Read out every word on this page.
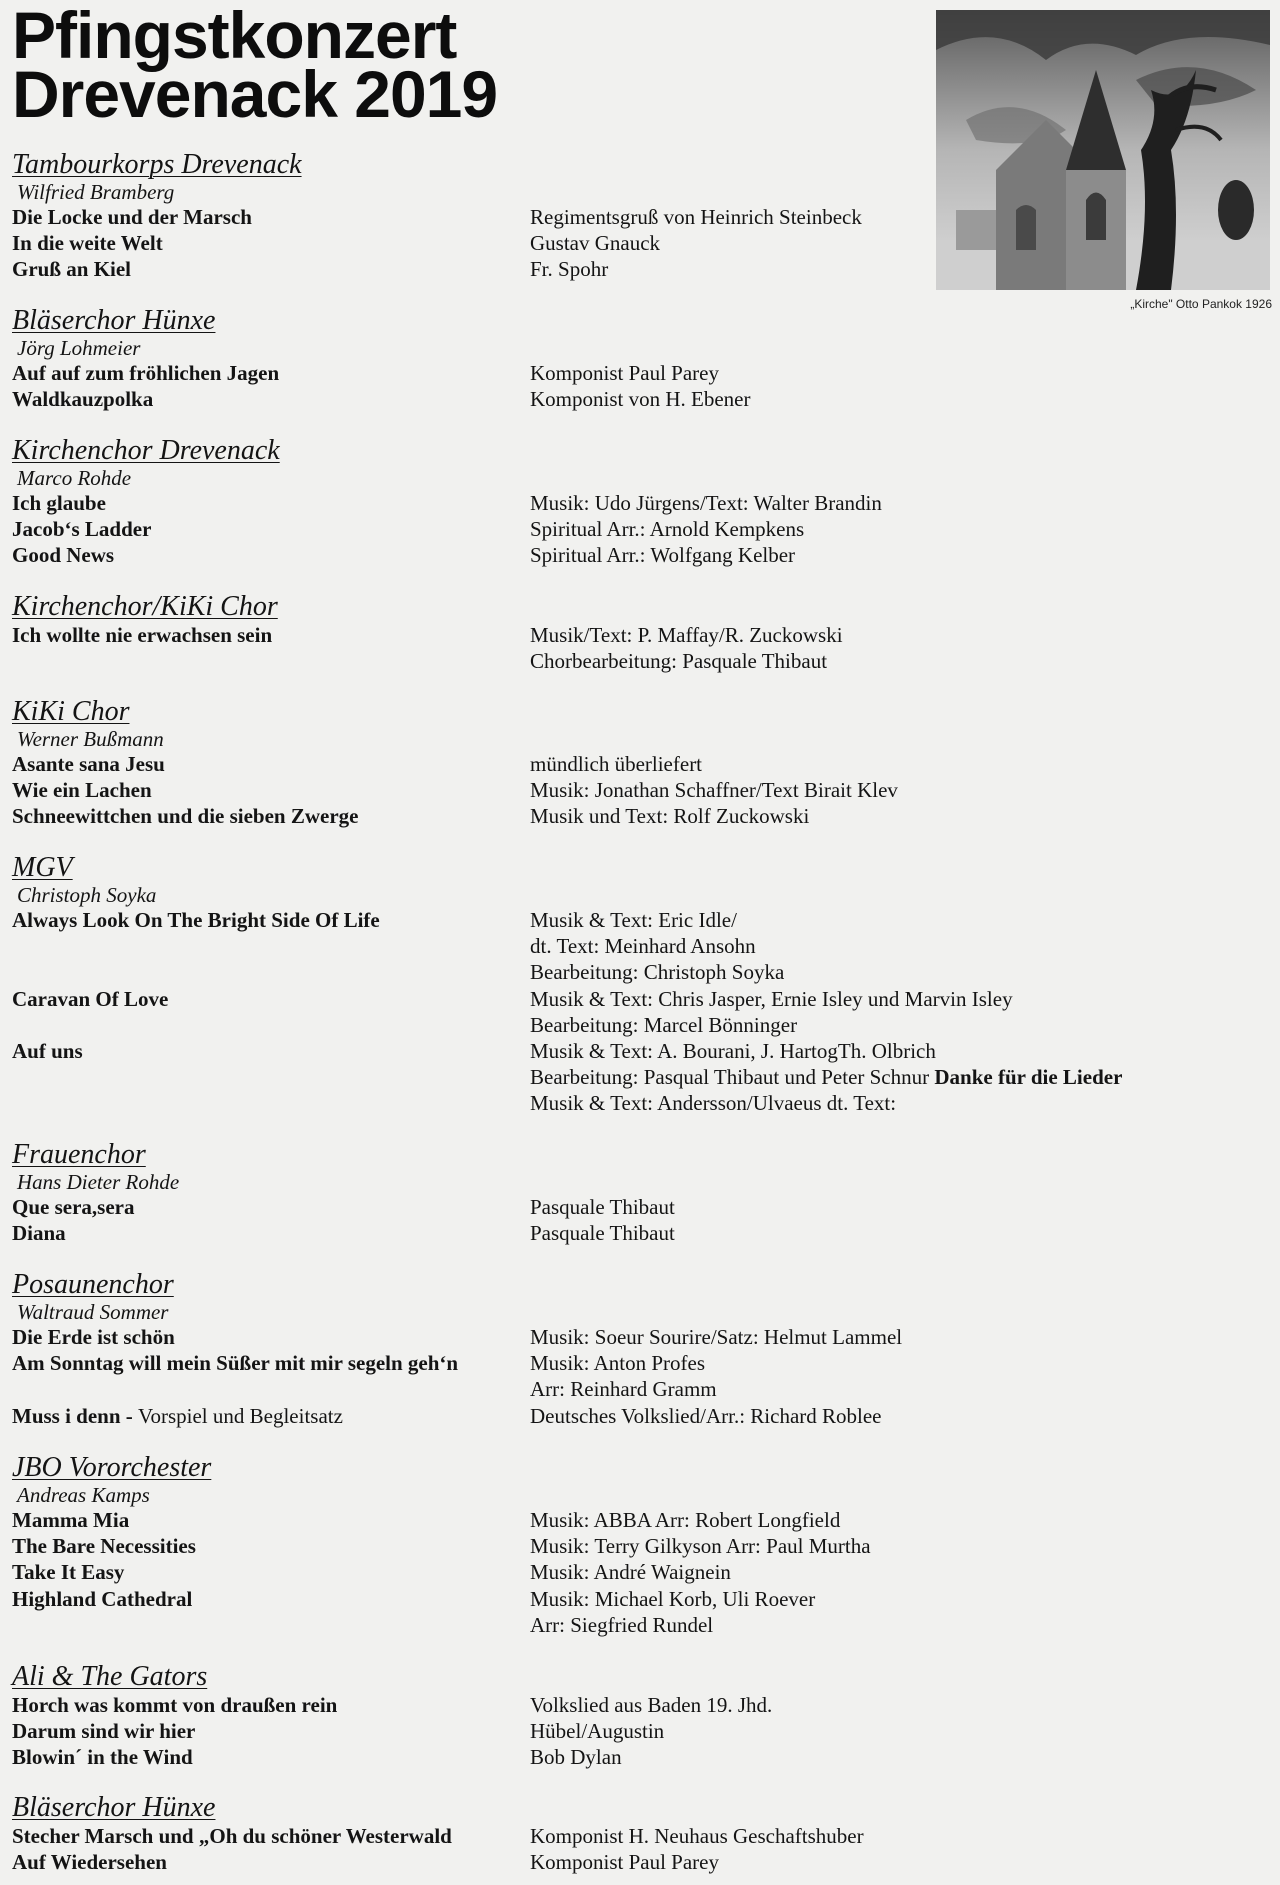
Pfingstkonzert
Drevenack 2019
„Kirche" Otto Pankok 1926
Tambourkorps Drevenack
Wilfried Bramberg
Die Locke und der Marsch	Regimentsgruß von Heinrich Steinbeck
In die weite Welt	Gustav Gnauck
Gruß an Kiel	Fr. Spohr
Bläserchor Hünxe
Jörg Lohmeier
Auf auf zum fröhlichen Jagen	Komponist Paul Parey
Waldkauzpolka	Komponist von H. Ebener
Kirchenchor Drevenack
Marco Rohde
Ich glaube	Musik: Udo Jürgens/Text: Walter Brandin
Jacob‘s Ladder	Spiritual Arr.: Arnold Kempkens
Good News	Spiritual Arr.: Wolfgang Kelber
Kirchenchor/KiKi Chor
Ich wollte nie erwachsen sein	Musik/Text: P. Maffay/R. Zuckowski
Chorbearbeitung: Pasquale Thibaut
KiKi Chor
Werner Bußmann
Asante sana Jesu	mündlich überliefert
Wie ein Lachen	Musik: Jonathan Schaffner/Text Birait Klev
Schneewittchen und die sieben Zwerge	Musik und Text: Rolf Zuckowski
MGV
Christoph Soyka
Always Look On The Bright Side Of Life	Musik & Text: Eric Idle/
dt. Text: Meinhard Ansohn
Bearbeitung: Christoph Soyka
Caravan Of Love	Musik & Text: Chris Jasper, Ernie Isley und Marvin Isley
Bearbeitung: Marcel Bönninger
Auf uns	Musik & Text: A. Bourani, J. HartogTh. Olbrich
Bearbeitung: Pasqual Thibaut und Peter Schnur Danke für die Lieder
Musik & Text: Andersson/Ulvaeus dt. Text:
Frauenchor
Hans Dieter Rohde
Que sera,sera	Pasquale Thibaut
Diana	Pasquale Thibaut
Posaunenchor
Waltraud Sommer
Die Erde ist schön	Musik: Soeur Sourire/Satz: Helmut Lammel
Am Sonntag will mein Süßer mit mir segeln geh‘n	Musik: Anton Profes
Arr: Reinhard Gramm
Muss i denn - Vorspiel und Begleitsatz	Deutsches Volkslied/Arr.: Richard Roblee
JBO Vororchester
Andreas Kamps
Mamma Mia	Musik: ABBA Arr: Robert Longfield
The Bare Necessities	Musik: Terry Gilkyson Arr: Paul Murtha
Take It Easy	Musik: André Waignein
Highland Cathedral	Musik: Michael Korb, Uli Roever
Arr: Siegfried Rundel
Ali & The Gators
Horch was kommt von draußen rein	Volkslied aus Baden 19. Jhd.
Darum sind wir hier	Hübel/Augustin
Blowin´ in the Wind	Bob Dylan
Bläserchor Hünxe
Stecher Marsch und „Oh du schöner Westerwald	Komponist H. Neuhaus Geschaftshuber
Auf Wiedersehen	Komponist Paul Parey
